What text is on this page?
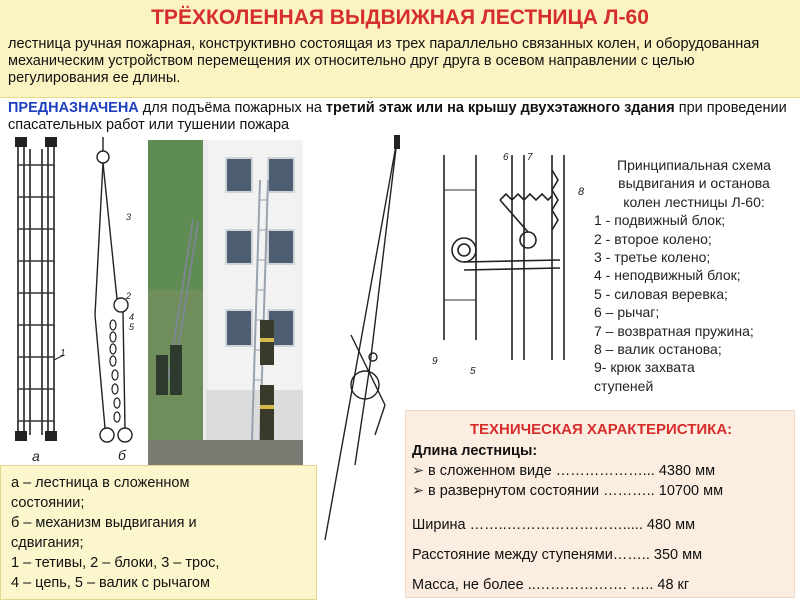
ТРЁХКОЛЕННАЯ ВЫДВИЖНАЯ ЛЕСТНИЦА Л-60
лестница ручная пожарная, конструктивно состоящая из трех параллельно связанных колен, и оборудованная механическим устройством перемещения их относительно друг друга в осевом направлении с целью регулирования ее длины.
ПРЕДНАЗНАЧЕНА для подъёма пожарных на третий этаж или на крышу двухэтажного здания при проведении спасательных работ или тушении пожара
1
а
3
2
4
5
б
6 7
8
9
5
Принципиальная схема
выдвигания и останова
колен лестницы Л-60:
1 - подвижный блок;
2 - второе колено;
3 - третье колено;
4 - неподвижный блок;
5 - силовая веревка;
6 – рычаг;
7 – возвратная пружина;
8 – валик останова;
9- крюк захвата
ступеней
а – лестница в сложенном
состоянии;
б – механизм выдвигания и
сдвигания;
1 – тетивы, 2 – блоки, 3 – трос,
4 – цепь, 5 – валик с рычагом
ТЕХНИЧЕСКАЯ ХАРАКТЕРИСТИКА:
Длина лестницы:
➢ в сложенном виде ………………... 4380 мм
➢ в развернутом состоянии ……….. 10700 мм
Ширина ……..……………………..... 480 мм
Расстояние между ступенями…….. 350 мм
Масса, не более ..………………. ….. 48 кг
